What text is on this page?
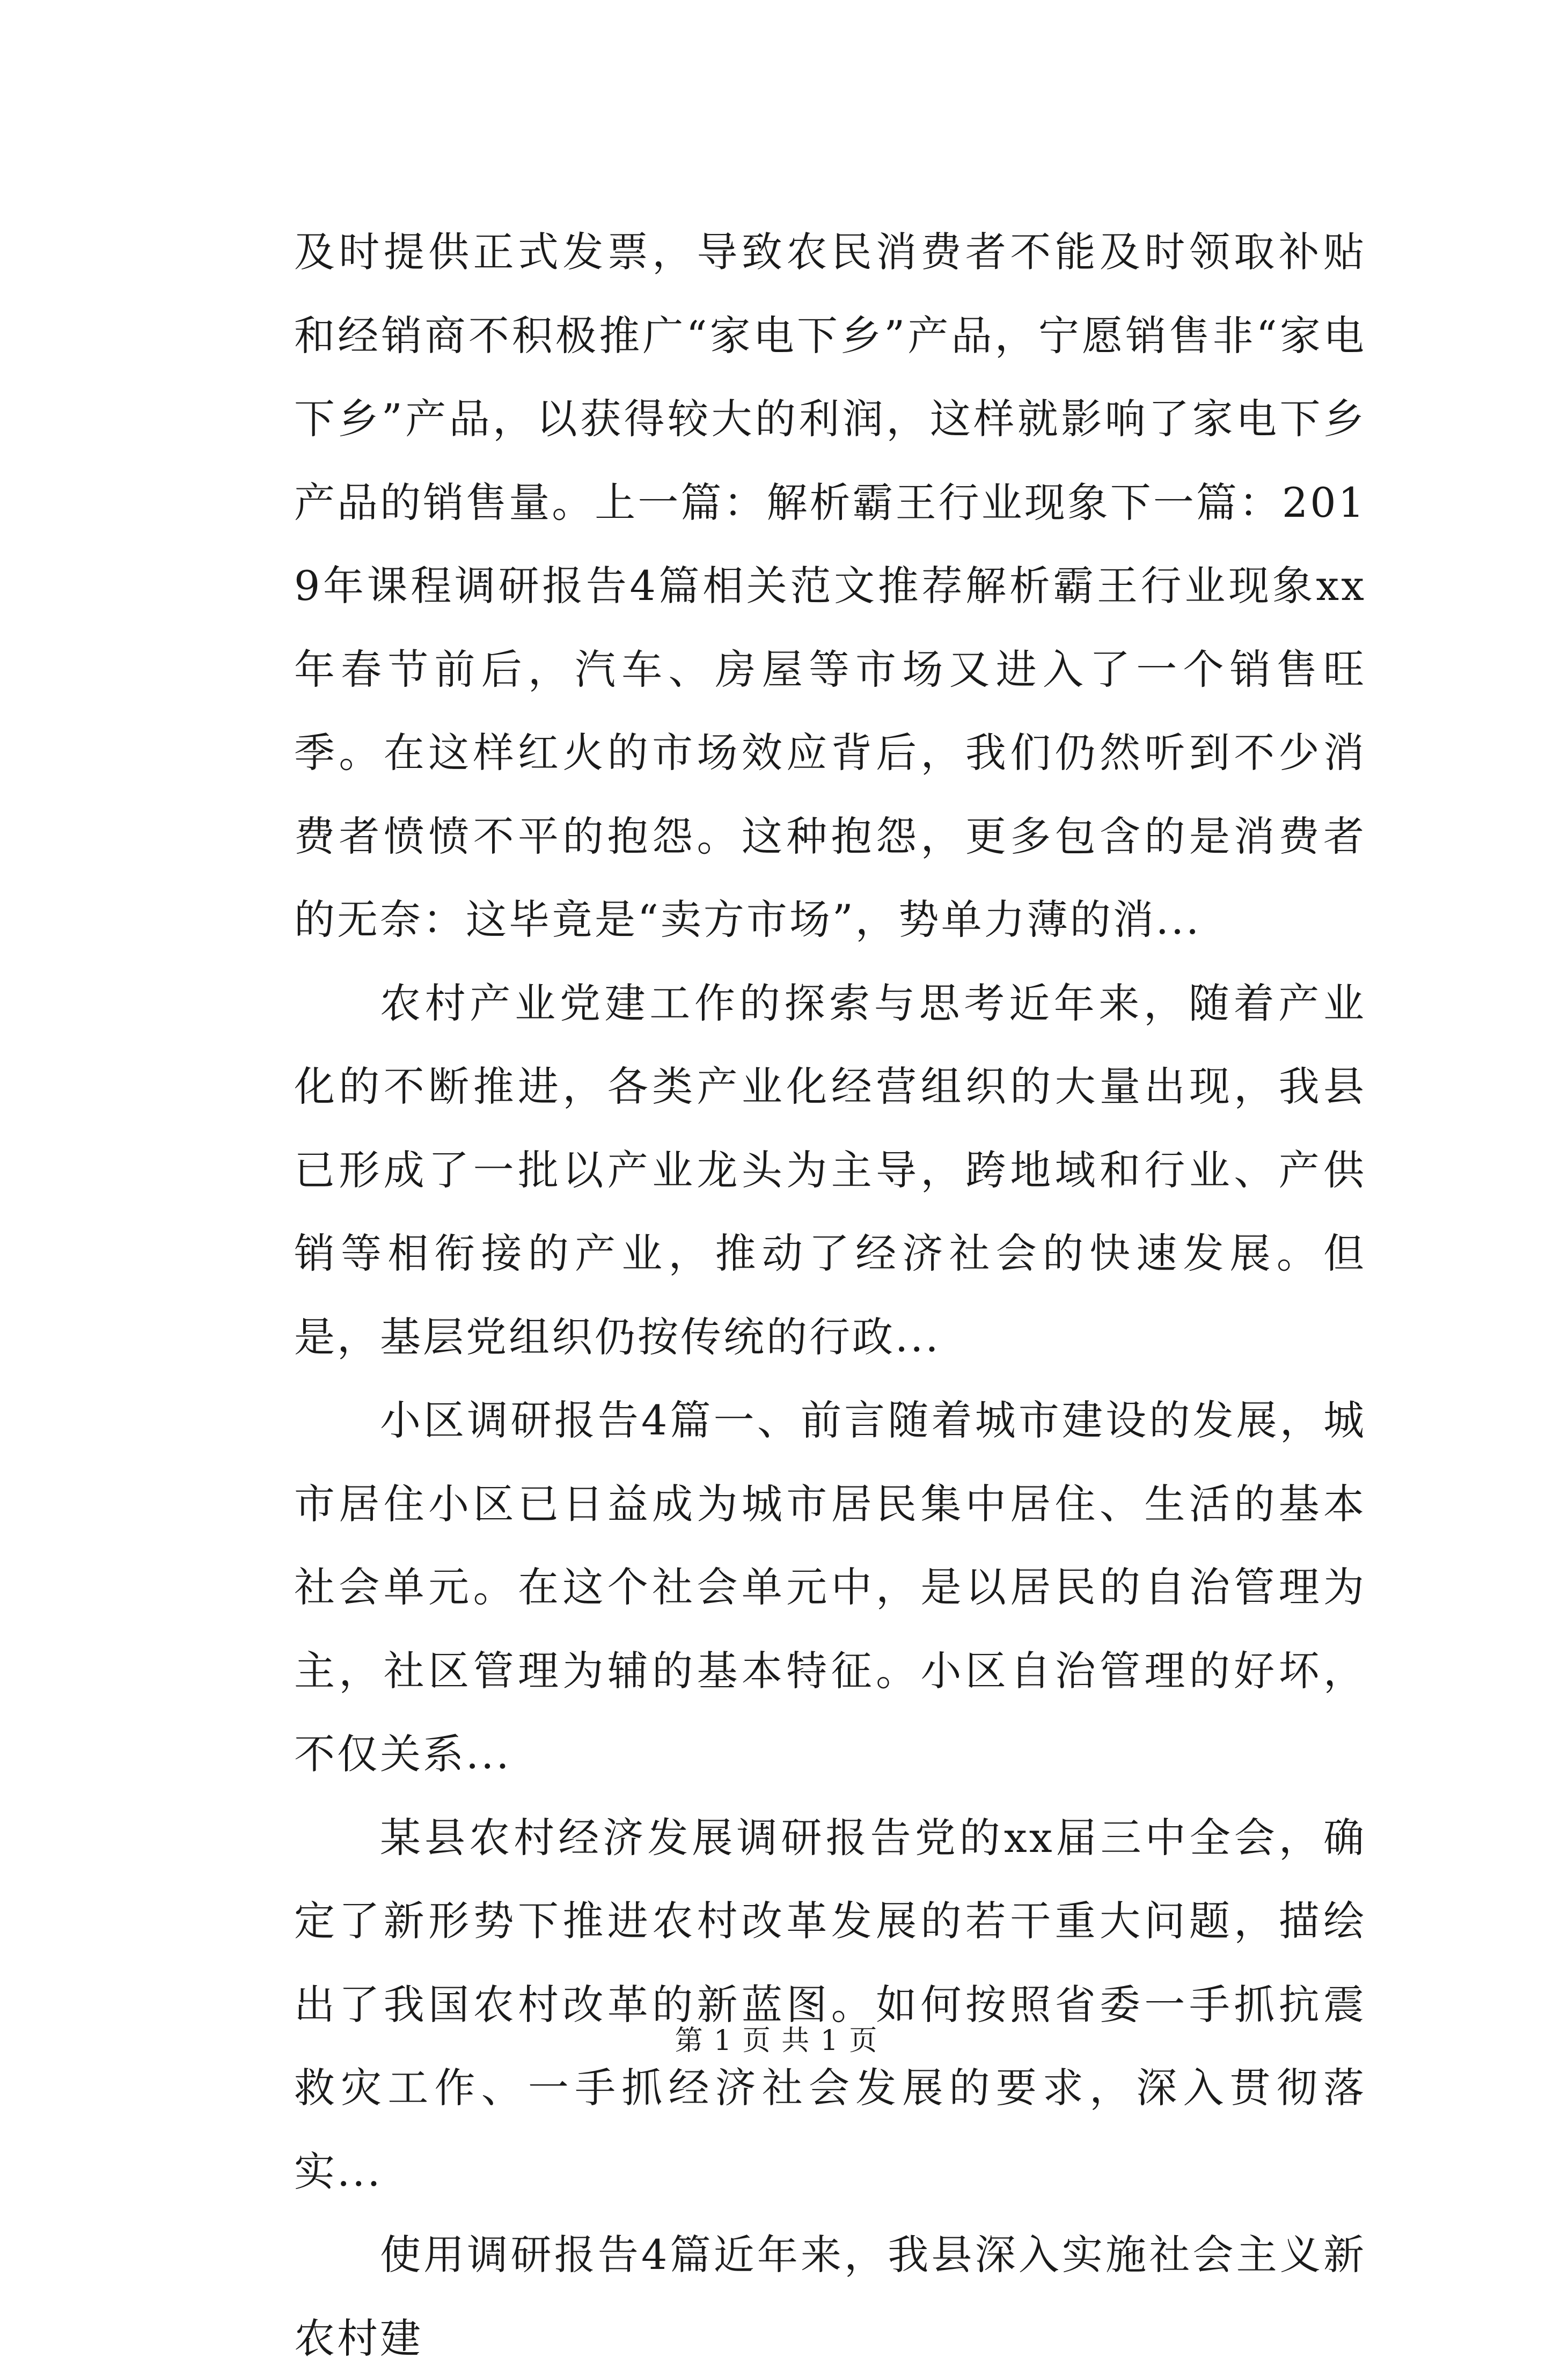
及时提供正式发票，导致农民消费者不能及时领取补贴和经销商不积极推广“家电下乡”产品，宁愿销售非“家电下乡”产品，以获得较大的利润，这样就影响了家电下乡产品的销售量。上一篇：解析霸王行业现象下一篇：2019年课程调研报告4篇相关范文推荐解析霸王行业现象xx年春节前后，汽车、房屋等市场又进入了一个销售旺季。在这样红火的市场效应背后，我们仍然听到不少消费者愤愤不平的抱怨。这种抱怨，更多包含的是消费者的无奈：这毕竟是“卖方市场”，势单力薄的消...

农村产业党建工作的探索与思考近年来，随着产业化的不断推进，各类产业化经营组织的大量出现，我县已形成了一批以产业龙头为主导，跨地域和行业、产供销等相衔接的产业，推动了经济社会的快速发展。但是，基层党组织仍按传统的行政...

小区调研报告4篇一、前言随着城市建设的发展，城市居住小区已日益成为城市居民集中居住、生活的基本社会单元。在这个社会单元中，是以居民的自治管理为主，社区管理为辅的基本特征。小区自治管理的好坏，不仅关系...

某县农村经济发展调研报告党的xx届三中全会，确定了新形势下推进农村改革发展的若干重大问题，描绘出了我国农村改革的新蓝图。如何按照省委一手抓抗震救灾工作、一手抓经济社会发展的要求，深入贯彻落实...

使用调研报告4篇近年来，我县深入实施社会主义新农村建

第 1 页 共 1 页
